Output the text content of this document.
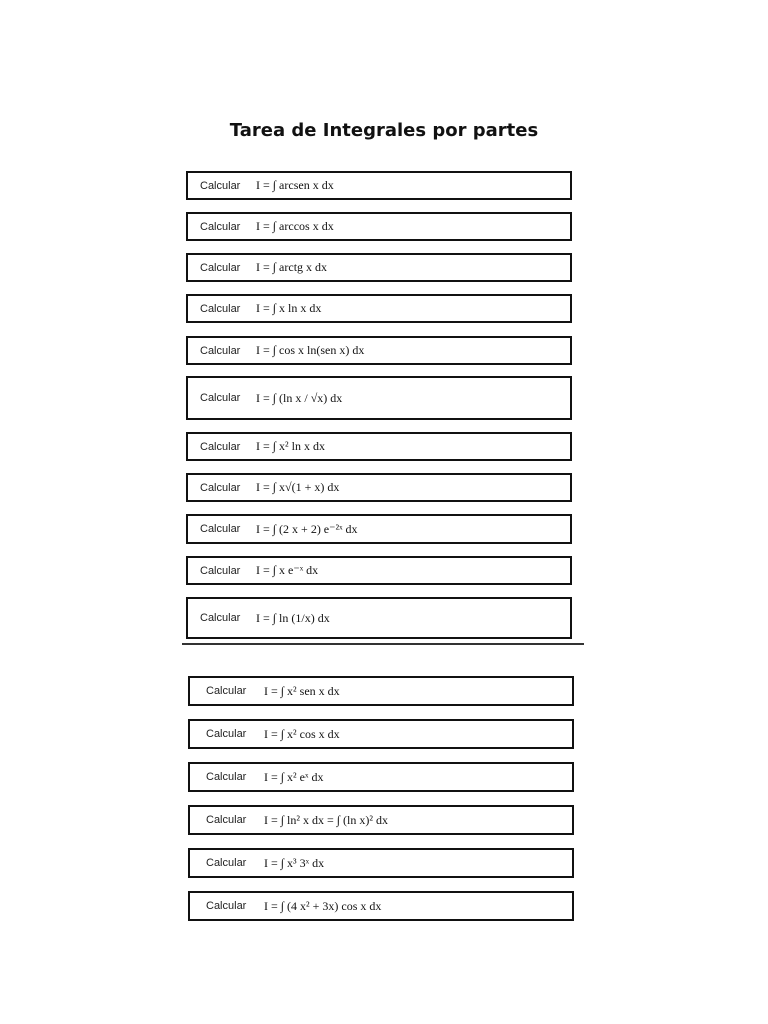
Tarea de Integrales por partes
Calcular I = ∫ arcsen x dx
Calcular I = ∫ arccos x dx
Calcular I = ∫ arctg x dx
Calcular I = ∫ x ln x dx
Calcular I = ∫ cos x ln(sen x) dx
Calcular I = ∫ (ln x / √x) dx
Calcular I = ∫ x² ln x dx
Calcular I = ∫ x√(1 + x) dx
Calcular I = ∫ (2 x + 2) e⁻²ˣ dx
Calcular I = ∫ x e⁻ˣ dx
Calcular I = ∫ ln (1/x) dx
Calcular I = ∫ x² sen x dx
Calcular I = ∫ x² cos x dx
Calcular I = ∫ x² eˣ dx
Calcular I = ∫ ln² x dx = ∫ (ln x)² dx
Calcular I = ∫ x³ 3ˣ dx
Calcular I = ∫ (4 x² + 3x) cos x dx
